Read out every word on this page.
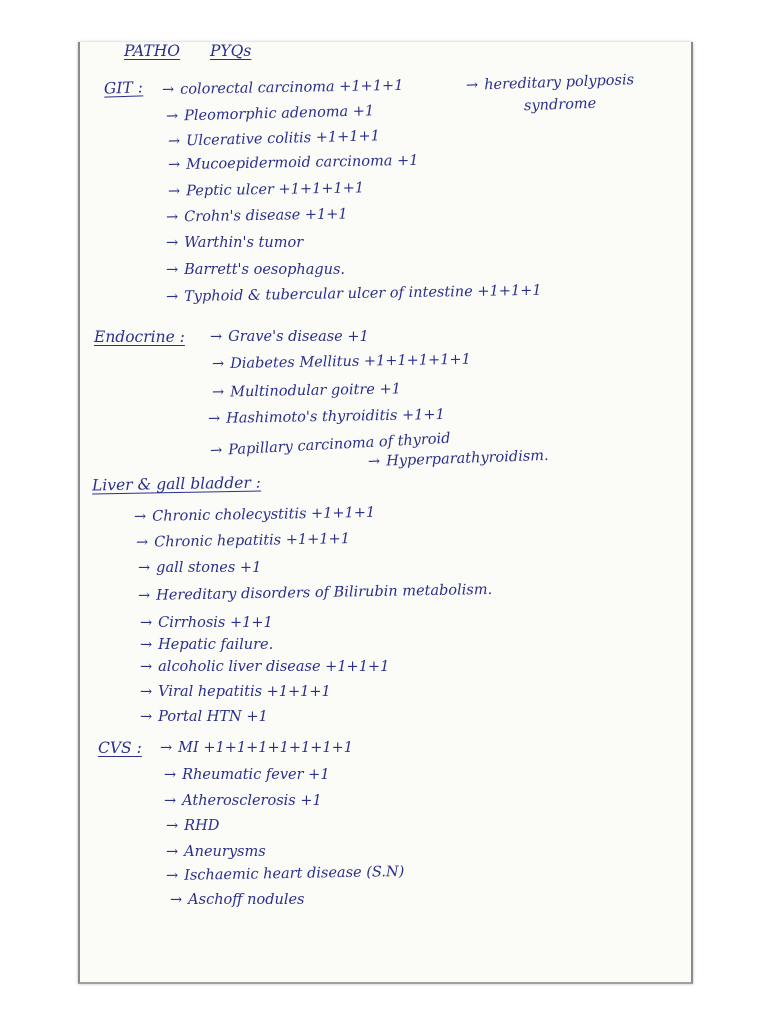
PATHO PYQs
GIT : → colorectal carcinoma +1+1+1	→ hereditary polyposis
syndrome
→ Pleomorphic adenoma +1
→ Ulcerative colitis +1+1+1
→ Mucoepidermoid carcinoma +1
→ Peptic ulcer +1+1+1+1
→ Crohn's disease +1+1
→ Warthin's tumor
→ Barrett's oesophagus.
→ Typhoid & tubercular ulcer of intestine +1+1+1
Endocrine : → Grave's disease +1
→ Diabetes Mellitus +1+1+1+1+1
→ Multinodular goitre +1
→ Hashimoto's thyroiditis +1+1
→ Papillary carcinoma of thyroid
→ Hyperparathyroidism.
Liver & gall bladder :
→ Chronic cholecystitis +1+1+1
→ Chronic hepatitis +1+1+1
→ gall stones +1
→ Hereditary disorders of Bilirubin metabolism.
→ Cirrhosis +1+1
→ Hepatic failure.
→ alcoholic liver disease +1+1+1
→ Viral hepatitis +1+1+1
→ Portal HTN +1
CVS : → MI +1+1+1+1+1+1+1
→ Rheumatic fever +1
→ Atherosclerosis +1
→ RHD
→ Aneurysms
→ Ischaemic heart disease (S.N)
→ Aschoff nodules
